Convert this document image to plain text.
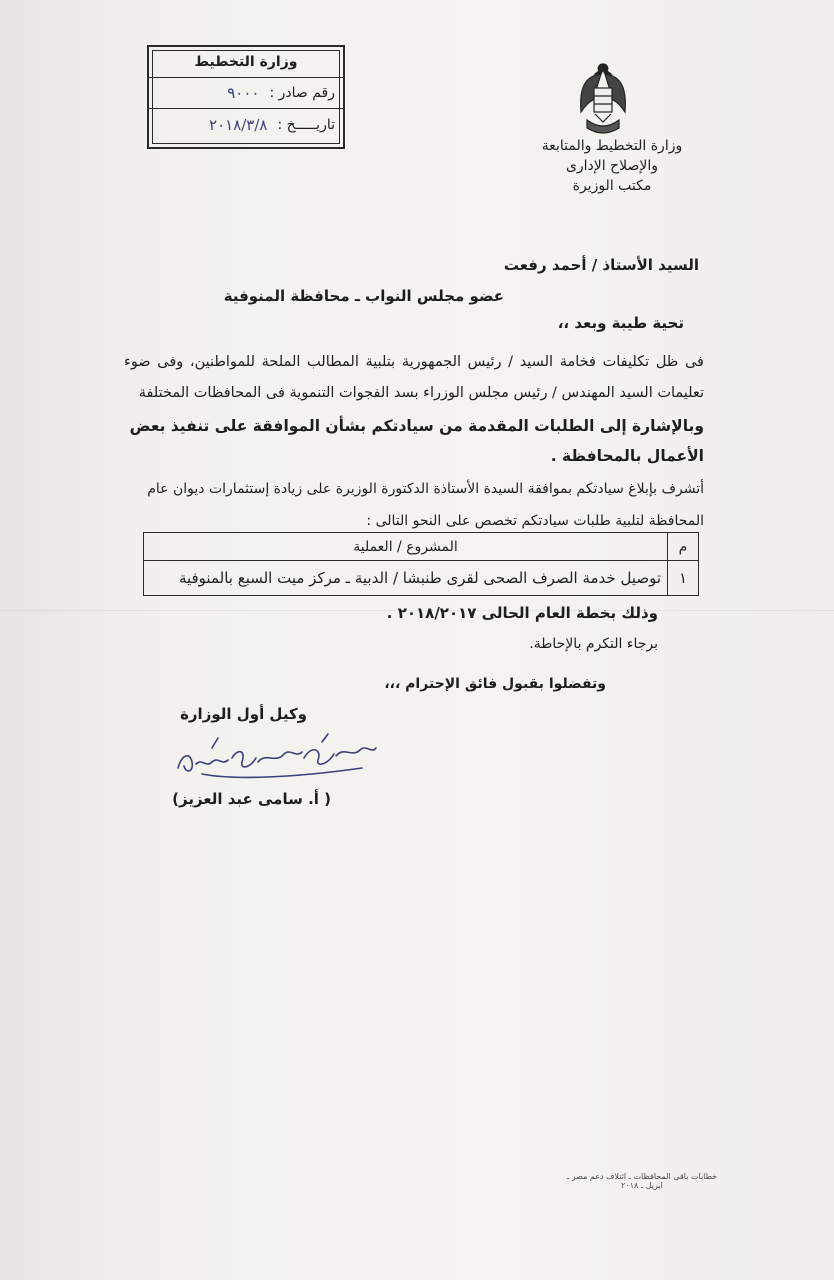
وزارة التخطيط
رقم صادر :
٩٠٠٠
تاريـــــخ :
٢٠١٨/٣/٨
وزارة التخطيط والمتابعة
والإصلاح الإدارى
مكتب الوزيرة
السيد الأستاذ / أحمد رفعت
عضو مجلس النواب ـ محافظة المنوفية
تحية طيبة وبعد ،،
فى ظل تكليفات فخامة السيد / رئيس الجمهورية بتلبية المطالب الملحة للمواطنين، وفى ضوء تعليمات السيد المهندس / رئيس مجلس الوزراء بسد الفجوات التنموية فى المحافظات المختلفة
وبالإشارة إلى الطلبات المقدمة من سيادتكم بشأن الموافقة على تنفيذ بعض الأعمال بالمحافظة .
أتشرف بإبلاغ سيادتكم بموافقة السيدة الأستاذة الدكتورة الوزيرة على زيادة إستثمارات ديوان عام المحافظة لتلبية طلبات سيادتكم تخصص على النحو التالى :
م	المشروع / العملية
١	توصيل خدمة الصرف الصحى لقرى طنبشا / الدبية ـ مركز ميت السبع بالمنوفية
وذلك بخطة العام الحالى ٢٠١٨/٢٠١٧ .
برجاء التكرم بالإحاطة.
وتفضلوا بقبول فائق الإحترام ،،،
وكيل أول الوزارة
( أ. سامى عبد العزيز)
خطابات باقى المحافظات ـ ائتلاف دعم مصر ـ ابريل ـ ٢٠١٨
